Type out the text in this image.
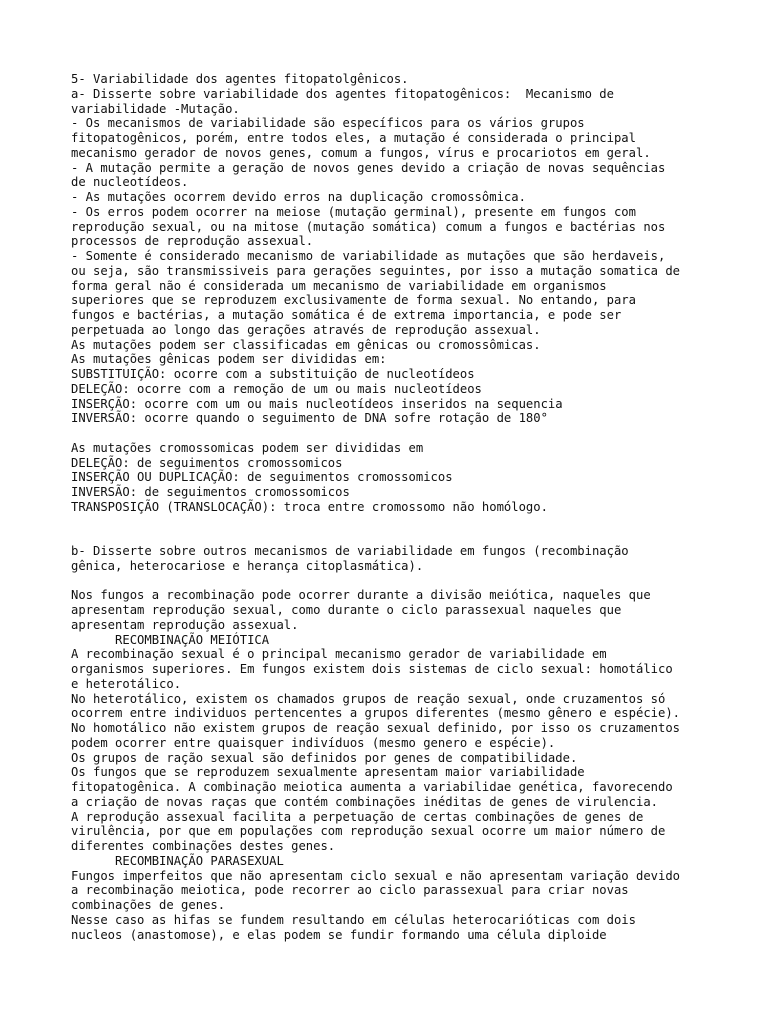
5- Variabilidade dos agentes fitopatolgênicos.
a- Disserte sobre variabilidade dos agentes fitopatogênicos:  Mecanismo de
variabilidade -Mutação.
- Os mecanismos de variabilidade são específicos para os vários grupos
fitopatogênicos, porém, entre todos eles, a mutação é considerada o principal
mecanismo gerador de novos genes, comum a fungos, vírus e procariotos em geral.
- A mutação permite a geração de novos genes devido a criação de novas sequências
de nucleotídeos.
- As mutações ocorrem devido erros na duplicação cromossômica.
- Os erros podem ocorrer na meiose (mutação germinal), presente em fungos com
reprodução sexual, ou na mitose (mutação somática) comum a fungos e bactérias nos
processos de reprodução assexual.
- Somente é considerado mecanismo de variabilidade as mutações que são herdaveis,
ou seja, são transmissiveis para gerações seguintes, por isso a mutação somatica de
forma geral não é considerada um mecanismo de variabilidade em organismos
superiores que se reproduzem exclusivamente de forma sexual. No entando, para
fungos e bactérias, a mutação somática é de extrema importancia, e pode ser
perpetuada ao longo das gerações através de reprodução assexual.
As mutações podem ser classificadas em gênicas ou cromossômicas.
As mutações gênicas podem ser divididas em:
SUBSTITUIÇÃO: ocorre com a substituição de nucleotídeos
DELEÇÃO: ocorre com a remoção de um ou mais nucleotídeos
INSERÇÃO: ocorre com um ou mais nucleotídeos inseridos na sequencia
INVERSÃO: ocorre quando o seguimento de DNA sofre rotação de 180°
As mutações cromossomicas podem ser divididas em
DELEÇÃO: de seguimentos cromossomicos
INSERÇÃO OU DUPLICAÇÃO: de seguimentos cromossomicos
INVERSÃO: de seguimentos cromossomicos
TRANSPOSIÇÃO (TRANSLOCAÇÃO): troca entre cromossomo não homólogo.
b- Disserte sobre outros mecanismos de variabilidade em fungos (recombinação
gênica, heterocariose e herança citoplasmática).
Nos fungos a recombinação pode ocorrer durante a divisão meiótica, naqueles que
apresentam reprodução sexual, como durante o ciclo parassexual naqueles que
apresentam reprodução assexual.
RECOMBINAÇÃO MEIÓTICA
A recombinação sexual é o principal mecanismo gerador de variabilidade em
organismos superiores. Em fungos existem dois sistemas de ciclo sexual: homotálico
e heterotálico.
No heterotálico, existem os chamados grupos de reação sexual, onde cruzamentos só
ocorrem entre individuos pertencentes a grupos diferentes (mesmo gênero e espécie).
No homotálico não existem grupos de reação sexual definido, por isso os cruzamentos
podem ocorrer entre quaisquer indivíduos (mesmo genero e espécie).
Os grupos de ração sexual são definidos por genes de compatibilidade.
Os fungos que se reproduzem sexualmente apresentam maior variabilidade
fitopatogênica. A combinação meiotica aumenta a variabilidae genética, favorecendo
a criação de novas raças que contém combinações inéditas de genes de virulencia.
A reprodução assexual facilita a perpetuação de certas combinações de genes de
virulência, por que em populações com reprodução sexual ocorre um maior número de
diferentes combinações destes genes.
RECOMBINAÇÃO PARASEXUAL
Fungos imperfeitos que não apresentam ciclo sexual e não apresentam variação devido
a recombinação meiotica, pode recorrer ao ciclo parassexual para criar novas
combinações de genes.
Nesse caso as hifas se fundem resultando em células heterocarióticas com dois
nucleos (anastomose), e elas podem se fundir formando uma célula diploide
